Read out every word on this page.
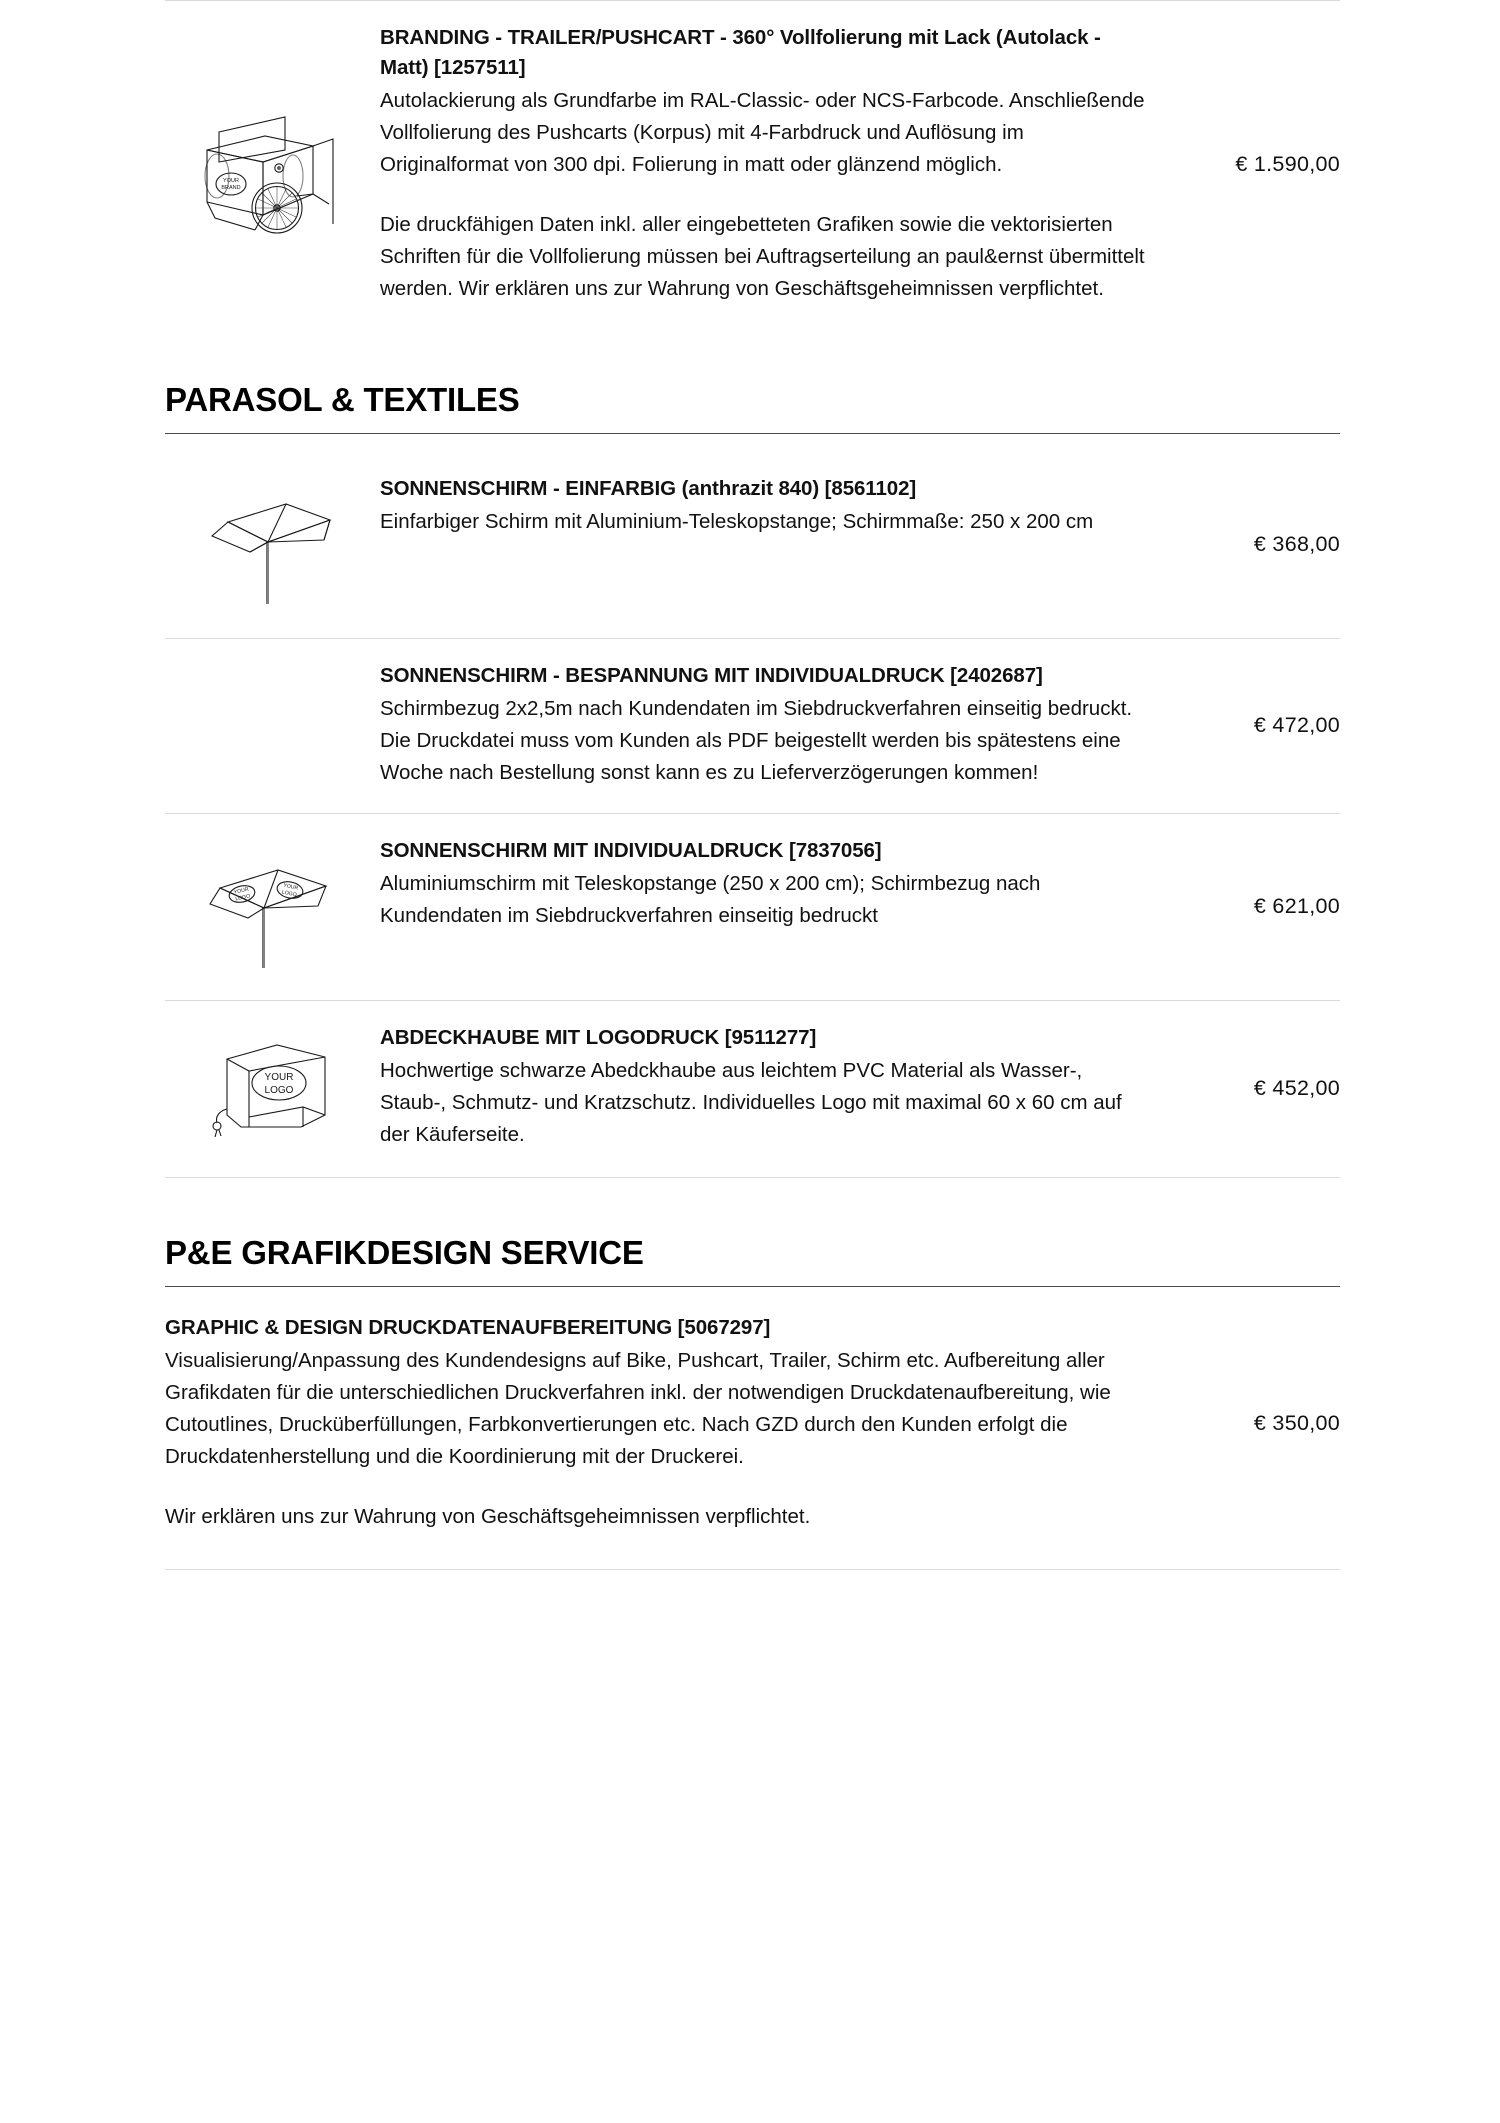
YOUR
BRAND
BRANDING - TRAILER/PUSHCART - 360° Vollfolierung mit Lack (Autolack - Matt) [1257511]

Autolackierung als Grundfarbe im RAL-Classic- oder NCS-Farbcode. Anschließende Vollfolierung des Pushcarts (Korpus) mit 4-Farbdruck und Auflösung im Originalformat von 300 dpi. Folierung in matt oder glänzend möglich.

Die druckfähigen Daten inkl. aller eingebetteten Grafiken sowie die vektorisierten Schriften für die Vollfolierung müssen bei Auftragserteilung an paul&ernst übermittelt werden. Wir erklären uns zur Wahrung von Geschäftsgeheimnissen verpflichtet.

€ 1.590,00
PARASOL & TEXTILES
SONNENSCHIRM - EINFARBIG (anthrazit 840) [8561102]

Einfarbiger Schirm mit Aluminium-Teleskopstange; Schirmmaße: 250 x 200 cm

€ 368,00
SONNENSCHIRM - BESPANNUNG MIT INDIVIDUALDRUCK [2402687]

Schirmbezug 2x2,5m nach Kundendaten im Siebdruckverfahren einseitig bedruckt.

Die Druckdatei muss vom Kunden als PDF beigestellt werden bis spätestens eine Woche nach Bestellung sonst kann es zu Lieferverzögerungen kommen!

€ 472,00
YOUR
LOGO
YOUR
LOGO
SONNENSCHIRM MIT INDIVIDUALDRUCK [7837056]

Aluminiumschirm mit Teleskopstange (250 x 200 cm); Schirmbezug nach Kundendaten im Siebdruckverfahren einseitig bedruckt	€ 621,00
YOUR
LOGO
ABDECKHAUBE MIT LOGODRUCK [9511277]

Hochwertige schwarze Abedckhaube aus leichtem PVC Material als Wasser-, Staub-, Schmutz- und Kratzschutz. Individuelles Logo mit maximal 60 x 60 cm auf der Käuferseite.

€ 452,00
P&E GRAFIKDESIGN SERVICE
GRAPHIC & DESIGN DRUCKDATENAUFBEREITUNG [5067297]

Visualisierung/Anpassung des Kundendesigns auf Bike, Pushcart, Trailer, Schirm etc. Aufbereitung aller Grafikdaten für die unterschiedlichen Druckverfahren inkl. der notwendigen Druckdatenaufbereitung, wie Cutoutlines, Drucküberfüllungen, Farbkonvertierungen etc. Nach GZD durch den Kunden erfolgt die Druckdatenherstellung und die Koordinierung mit der Druckerei.

Wir erklären uns zur Wahrung von Geschäftsgeheimnissen verpflichtet.

€ 350,00
